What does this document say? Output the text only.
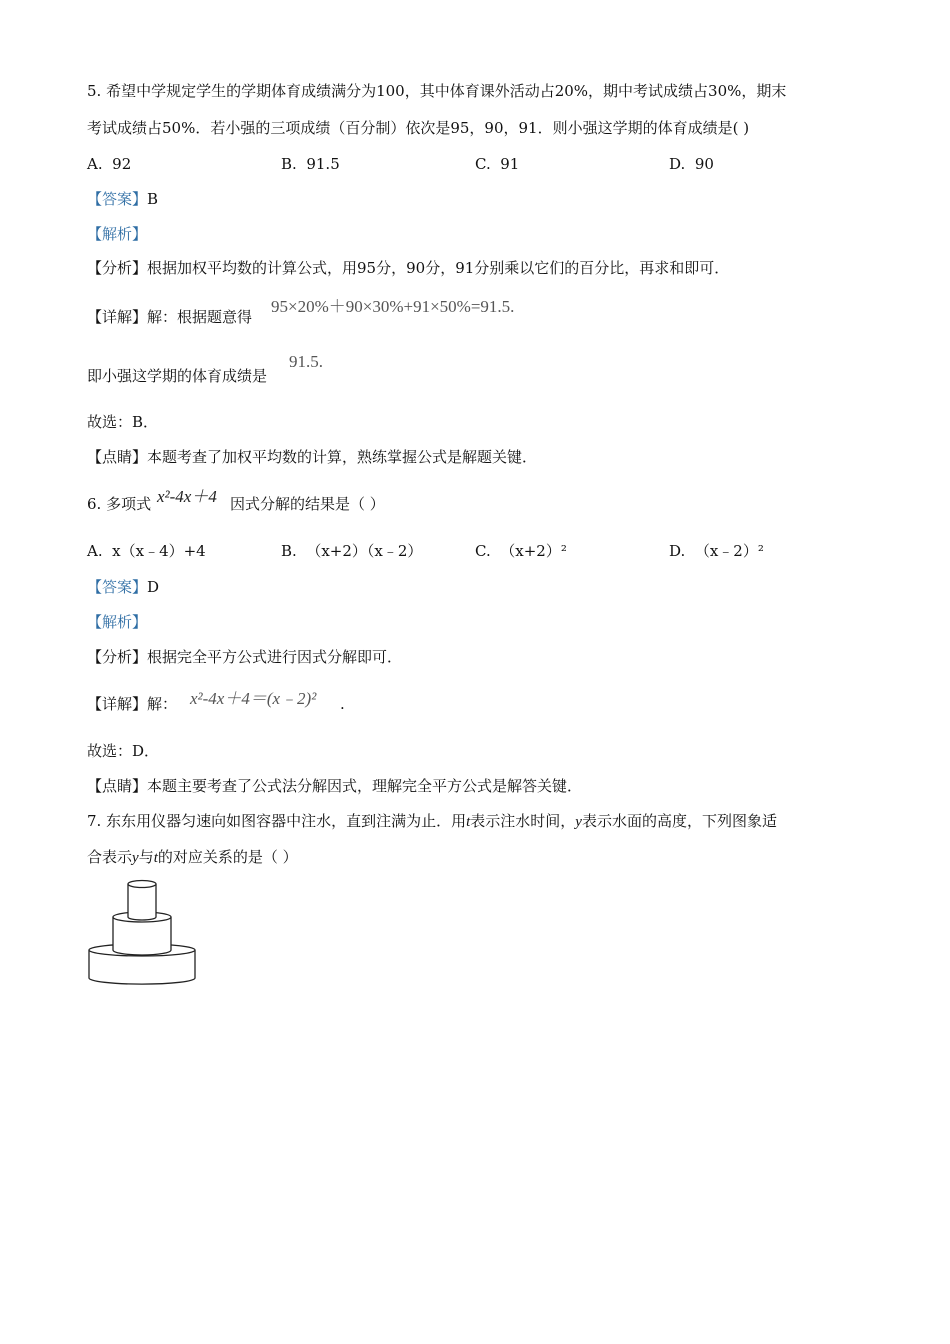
5. 希望中学规定学生的学期体育成绩满分为100，其中体育课外活动占20%，期中考试成绩占30%，期末
考试成绩占50%．若小强的三项成绩（百分制）依次是95，90，91．则小强这学期的体育成绩是( )
A. 92	B. 91.5	C. 91	D. 90
【答案】B
【解析】
【分析】根据加权平均数的计算公式，用95分，90分，91分别乘以它们的百分比，再求和即可．
【详解】解：根据题意得
95×20%＋90×30%+91×50%=91.5.
即小强这学期的体育成绩是
91.5.
故选：B．
【点睛】本题考查了加权平均数的计算，熟练掌握公式是解题关键．
6. 多项式 x²-4x＋4 因式分解的结果是（ ）
A. x（x﹣4）+4	B. （x+2）（x﹣2）	C. （x+2）²	D. （x﹣2）²
【答案】D
【解析】
【分析】根据完全平方公式进行因式分解即可．
【详解】解： x²-4x＋4＝(x﹣2)² .
故选：D．
【点睛】本题主要考查了公式法分解因式，理解完全平方公式是解答关键．
7. 东东用仪器匀速向如图容器中注水，直到注满为止．用t表示注水时间，y表示水面的高度，下列图象适
合表示y与t的对应关系的是（ ）
